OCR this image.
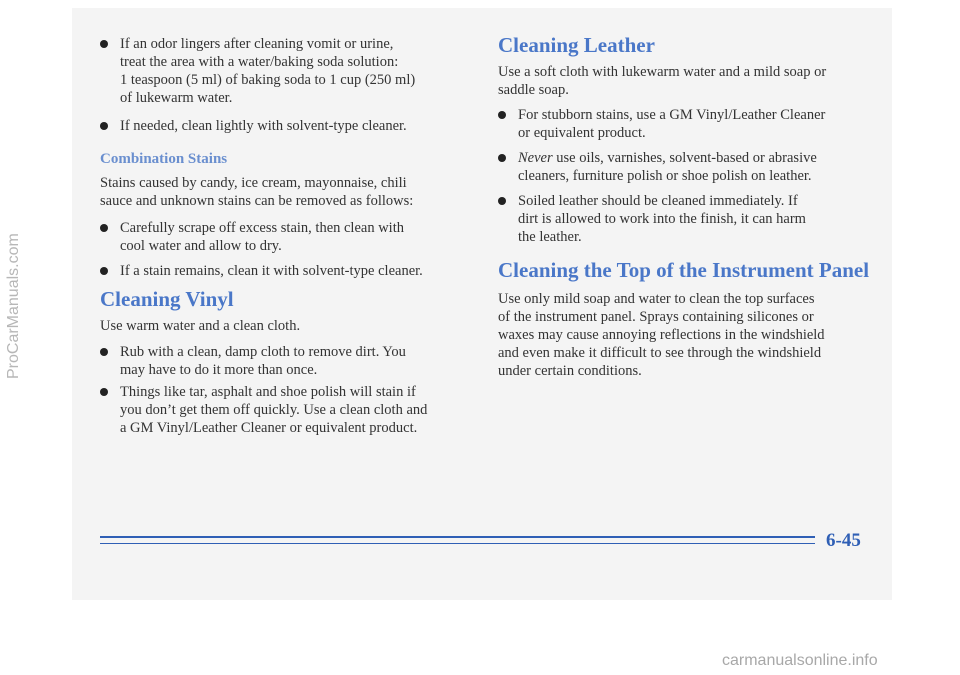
If an odor lingers after cleaning vomit or urine,
treat the area with a water/baking soda solution:
1 teaspoon (5 ml) of baking soda to 1 cup (250 ml)
of lukewarm water.
If needed, clean lightly with solvent-type cleaner.
Combination Stains
Stains caused by candy, ice cream, mayonnaise, chili
sauce and unknown stains can be removed as follows:
Carefully scrape off excess stain, then clean with
cool water and allow to dry.
If a stain remains, clean it with solvent-type cleaner.
Cleaning Vinyl
Use warm water and a clean cloth.
Rub with a clean, damp cloth to remove dirt. You
may have to do it more than once.
Things like tar, asphalt and shoe polish will stain if
you don’t get them off quickly. Use a clean cloth and
a GM Vinyl/Leather Cleaner or equivalent product.
Cleaning Leather
Use a soft cloth with lukewarm water and a mild soap or
saddle soap.
For stubborn stains, use a GM Vinyl/Leather Cleaner
or equivalent product.
Never use oils, varnishes, solvent-based or abrasive
cleaners, furniture polish or shoe polish on leather.
Soiled leather should be cleaned immediately. If
dirt is allowed to work into the finish, it can harm
the leather.
Cleaning the Top of the Instrument Panel
Use only mild soap and water to clean the top surfaces
of the instrument panel. Sprays containing silicones or
waxes may cause annoying reflections in the windshield
and even make it difficult to see through the windshield
under certain conditions.
6-45
ProCarManuals.com
carmanualsonline.info
